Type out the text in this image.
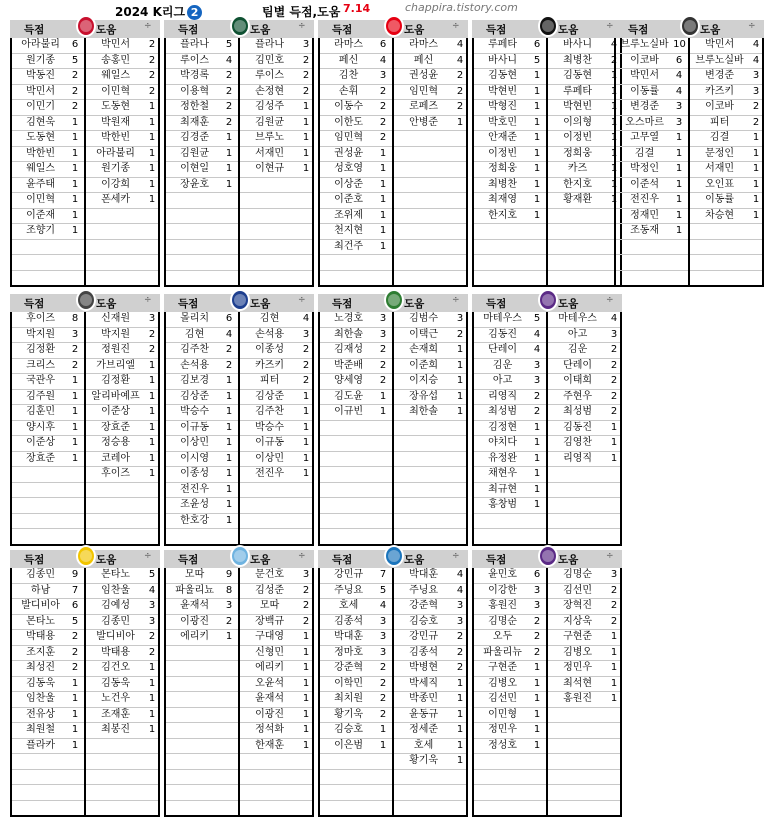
2024 K리그 2	팀별 득점,도움 7.14	chappira.tistory.com
득점	도움	÷
아라불리	6	박민서	2
원기종	5	송홍민	2
박동진	2	웨일스	2
박민서	2	이민혁	2
이민기	2	도동현	1
김현욱	1	박원재	1
도동현	1	박한빈	1
박한빈	1	아라불리	1
웨일스	1	원기종	1
윤주태	1	이강희	1
이민혁	1	폰세카	1
이준재	1
조향기	1
득점	도움	÷
플라나	5	플라나	3
루이스	4	김민호	2
박경록	2	루이스	2
이용혁	2	손정현	2
정한철	2	김성주	1
최재훈	2	김원균	1
김경준	1	브루노	1
김원균	1	서재민	1
이현일	1	이현규	1
장윤호	1
득점	도움	÷
라마스	6	라마스	4
페신	4	페신	4
김찬	3	권성윤	2
손휘	2	임민혁	2
이동수	2	로페즈	2
이한도	2	안병준	1
임민혁	2
권성윤	1
성호영	1
이상준	1
이준호	1
조위제	1
천지현	1
최건주	1
득점	도움	÷
루페타	6	바사니	4
바사니	5	최병찬	2
김동현	1	김동현	1
박현빈	1	루페타	1
박형진	1	박현빈	1
박호민	1	이의형	1
안재준	1	이정빈	1
이정빈	1	정희웅	1
정희웅	1	카즈	1
최병찬	1	한지호	1
최재영	1	황재환	1
한지호	1
득점	도움	÷
브루노실바 10	박민서	4
이코바	6	브루노실바 4
박민서	4	변경준	3
이동률	4	카즈키	3
변경준	3	이코바	2
오스마르	3	피터	2
고무열	1	김결	1
김결	1	문정인	1
박정인	1	서재민	1
이준석	1	오인표	1
전진우	1	이동률	1
정재민	1	차승현	1
조동재	1
득점	도움	÷
후이즈	8	신재원	3
박지원	3	박지원	2
김정환	2	정원진	2
크리스	2	가브리엘	1
국관우	1	김정환	1
김주원	1	알리바예프 1
김훈민	1	이준상	1
양시후	1	장효준	1
이준상	1	정승용	1
장효준	1	코레아	1
후이즈	1
득점	도움	÷
몰리치	6	김현	4
김현	4	손석용	3
김주찬	2	이종성	2
손석용	2	카즈키	2
김보경	1	피터	2
김상준	1	김상준	1
박승수	1	김주찬	1
이규동	1	박승수	1
이상민	1	이규동	1
이시영	1	이상민	1
이종성	1	전진우	1
전진우	1
조윤성	1
한호강	1
득점	도움	÷
노경호	3	김범수	3
최한솔	3	이택근	2
김재성	2	손재희	1
박준배	2	이준희	1
양세영	2	이지승	1
김도윤	1	장유섭	1
이규빈	1	최한솔	1
득점	도움	÷
마테우스	5	마테우스	4
김동진	4	아고	3
단레이	4	김운	2
김운	3	단레이	2
아고	3	이태희	2
리영직	2	주현우	2
최성범	2	최성범	2
김정현	1	김동진	1
야치다	1	김영찬	1
유정완	1	리영직	1
채현우	1
최규현	1
홍창범	1
득점	도움	÷
김종민	9	몬타노	5
하남	7	임찬울	4
발디비아	6	김예성	3
몬타노	5	김종민	3
박태용	2	발디비아	2
조지훈	2	박태용	2
최성진	2	김건오	1
김동욱	1	김동욱	1
임찬울	1	노건우	1
전유상	1	조재훈	1
최원철	1	최봉진	1
플라카	1
득점	도움	÷
모따	9	문건호	3
파울리뇨	8	김성준	2
윤재석	3	모따	2
이광진	2	장백규	2
에리키	1	구대영	1
신형민	1
에리키	1
오윤석	1
윤재석	1
이광진	1
정석화	1
한재훈	1
득점	도움	÷
강민규	7	박대훈	4
주닝요	5	주닝요	4
호세	4	강준혁	3
김종석	3	김승호	3
박대훈	3	강민규	2
정마호	3	김종석	2
강준혁	2	박병현	2
이학민	2	박세직	1
최치원	2	박종민	1
황기욱	2	윤동규	1
김승호	1	정세준	1
이은범	1	호세	1
황기욱	1
득점	도움	÷
윤민호	6	김명순	3
이강한	3	김선민	2
홍원진	3	장혁진	2
김명순	2	지상욱	2
오두	2	구현준	1
파울리뉴	2	김병오	1
구현준	1	정민우	1
김병오	1	최석현	1
김선민	1	홍원진	1
이민형	1
정민우	1
정성호	1
